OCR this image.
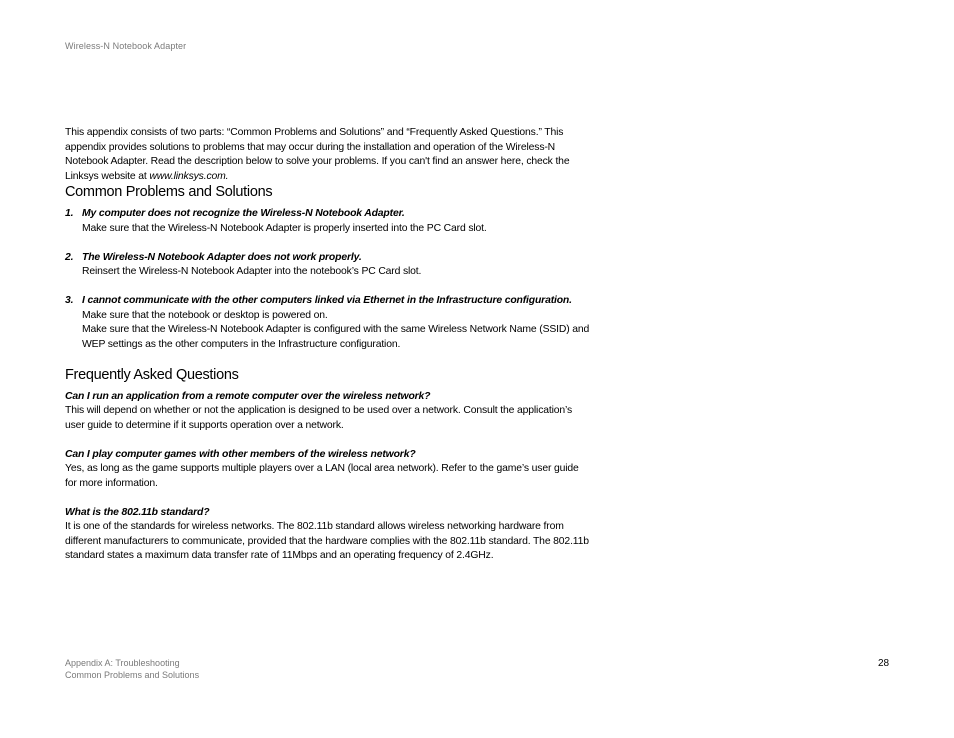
Wireless-N Notebook Adapter

This appendix consists of two parts: “Common Problems and Solutions” and “Frequently Asked Questions.” This appendix provides solutions to problems that may occur during the installation and operation of the Wireless-N Notebook Adapter. Read the description below to solve your problems. If you can't find an answer here, check the Linksys website at www.linksys.com.

Common Problems and Solutions
1. My computer does not recognize the Wireless-N Notebook Adapter.

Make sure that the Wireless-N Notebook Adapter is properly inserted into the PC Card slot.

2. The Wireless-N Notebook Adapter does not work properly.

Reinsert the Wireless-N Notebook Adapter into the notebook’s PC Card slot.

3. I cannot communicate with the other computers linked via Ethernet in the Infrastructure configuration.

Make sure that the notebook or desktop is powered on.

Make sure that the Wireless-N Notebook Adapter is configured with the same Wireless Network Name (SSID) and WEP settings as the other computers in the Infrastructure configuration.

Frequently Asked Questions

Can I run an application from a remote computer over the wireless network?

This will depend on whether or not the application is designed to be used over a network. Consult the application’s user guide to determine if it supports operation over a network.

Can I play computer games with other members of the wireless network?

Yes, as long as the game supports multiple players over a LAN (local area network). Refer to the game’s user guide for more information.

What is the 802.11b standard?

It is one of the standards for wireless networks. The 802.11b standard allows wireless networking hardware from different manufacturers to communicate, provided that the hardware complies with the 802.11b standard. The 802.11b standard states a maximum data transfer rate of 11Mbps and an operating frequency of 2.4GHz.

Appendix A: Troubleshooting
Common Problems and Solutions
28
